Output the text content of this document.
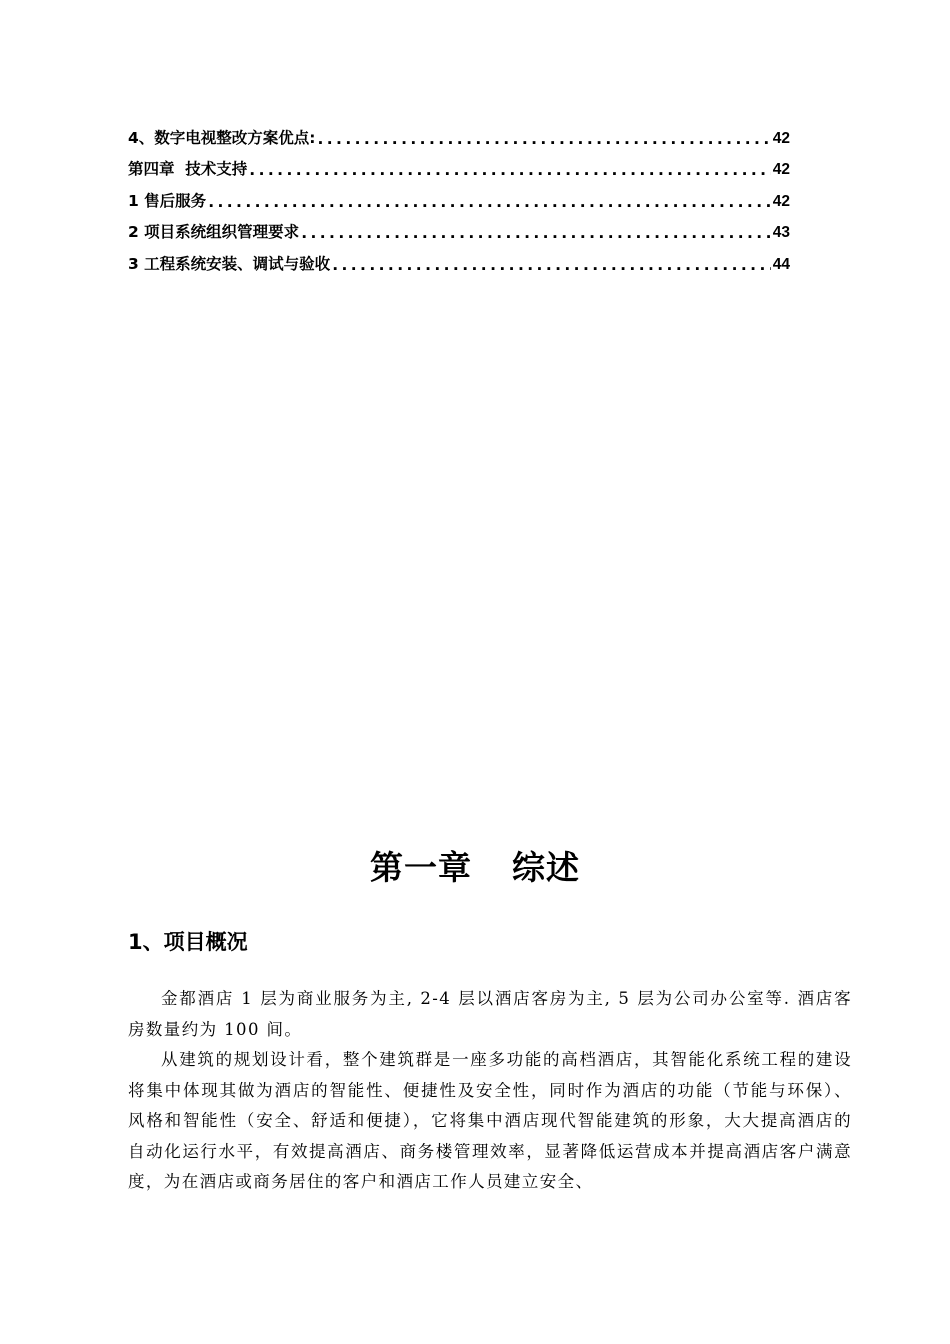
4、数字电视整改方案优点: .....	42
第四章  技术支持 .....	42
1 售后服务 .....	42
2 项目系统组织管理要求 .....	43
3 工程系统安装、调试与验收 .....	44
第一章 综述
1、项目概况

金都酒店 1 层为商业服务为主, 2-4 层以酒店客房为主, 5 层为公司办公室等. 酒店客房数量约为 100 间。

从建筑的规划设计看，整个建筑群是一座多功能的高档酒店，其智能化系统工程的建设将集中体现其做为酒店的智能性、便捷性及安全性，同时作为酒店的功能（节能与环保）、风格和智能性（安全、舒适和便捷），它将集中酒店现代智能建筑的形象，大大提高酒店的自动化运行水平，有效提高酒店、商务楼管理效率，显著降低运营成本并提高酒店客户满意度，为在酒店或商务居住的客户和酒店工作人员建立安全、
